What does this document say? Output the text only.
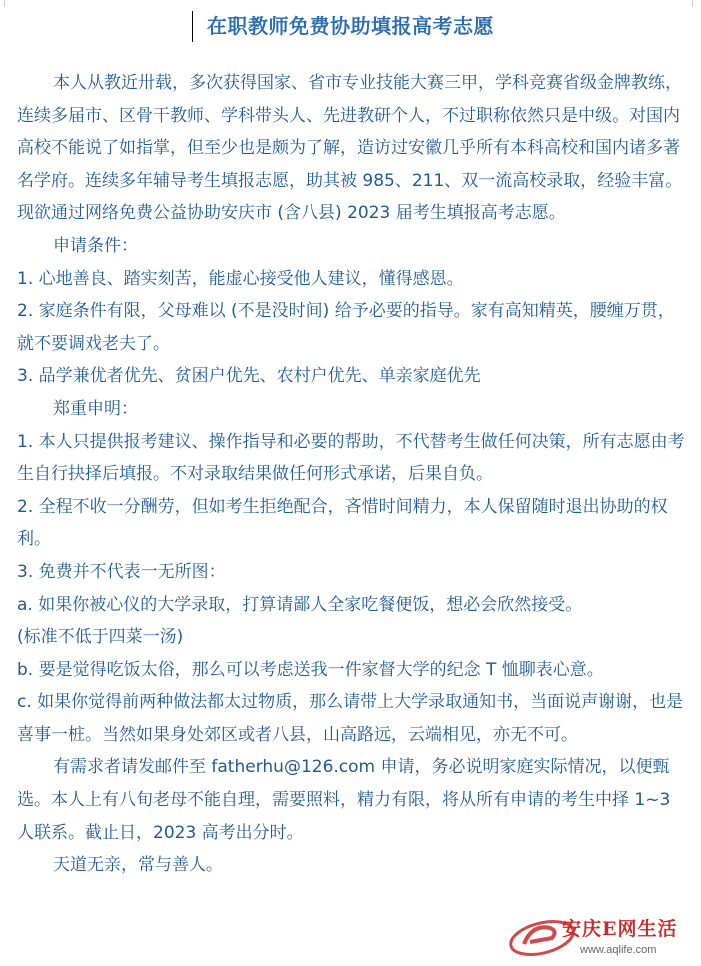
在职教师免费协助填报高考志愿

本人从教近卅载，多次获得国家、省市专业技能大赛三甲，学科竞赛省级金牌教练，连续多届市、区骨干教师、学科带头人、先进教研个人，不过职称依然只是中级。对国内高校不能说了如指掌，但至少也是颇为了解，造访过安徽几乎所有本科高校和国内诸多著名学府。连续多年辅导考生填报志愿，助其被 985、211、双一流高校录取，经验丰富。现欲通过网络免费公益协助安庆市 (含八县) 2023 届考生填报高考志愿。

申请条件：

1. 心地善良、踏实刻苦，能虚心接受他人建议，懂得感恩。

2. 家庭条件有限，父母难以 (不是没时间) 给予必要的指导。家有高知精英，腰缠万贯，就不要调戏老夫了。

3. 品学兼优者优先、贫困户优先、农村户优先、单亲家庭优先

郑重申明：

1. 本人只提供报考建议、操作指导和必要的帮助，不代替考生做任何决策，所有志愿由考生自行抉择后填报。不对录取结果做任何形式承诺，后果自负。

2. 全程不收一分酬劳，但如考生拒绝配合，吝惜时间精力，本人保留随时退出协助的权利。

3. 免费并不代表一无所图：

a. 如果你被心仪的大学录取，打算请鄙人全家吃餐便饭，想必会欣然接受。

(标准不低于四菜一汤)

b. 要是觉得吃饭太俗，那么可以考虑送我一件家督大学的纪念 T 恤聊表心意。

c. 如果你觉得前两种做法都太过物质，那么请带上大学录取通知书，当面说声谢谢，也是喜事一桩。当然如果身处郊区或者八县，山高路远，云端相见，亦无不可。

有需求者请发邮件至 fatherhu@126.com 申请，务必说明家庭实际情况，以便甄选。本人上有八旬老母不能自理，需要照料，精力有限，将从所有申请的考生中择 1~3 人联系。截止日，2023 高考出分时。

天道无亲，常与善人。

安庆E网生活
www.aqlife.com
